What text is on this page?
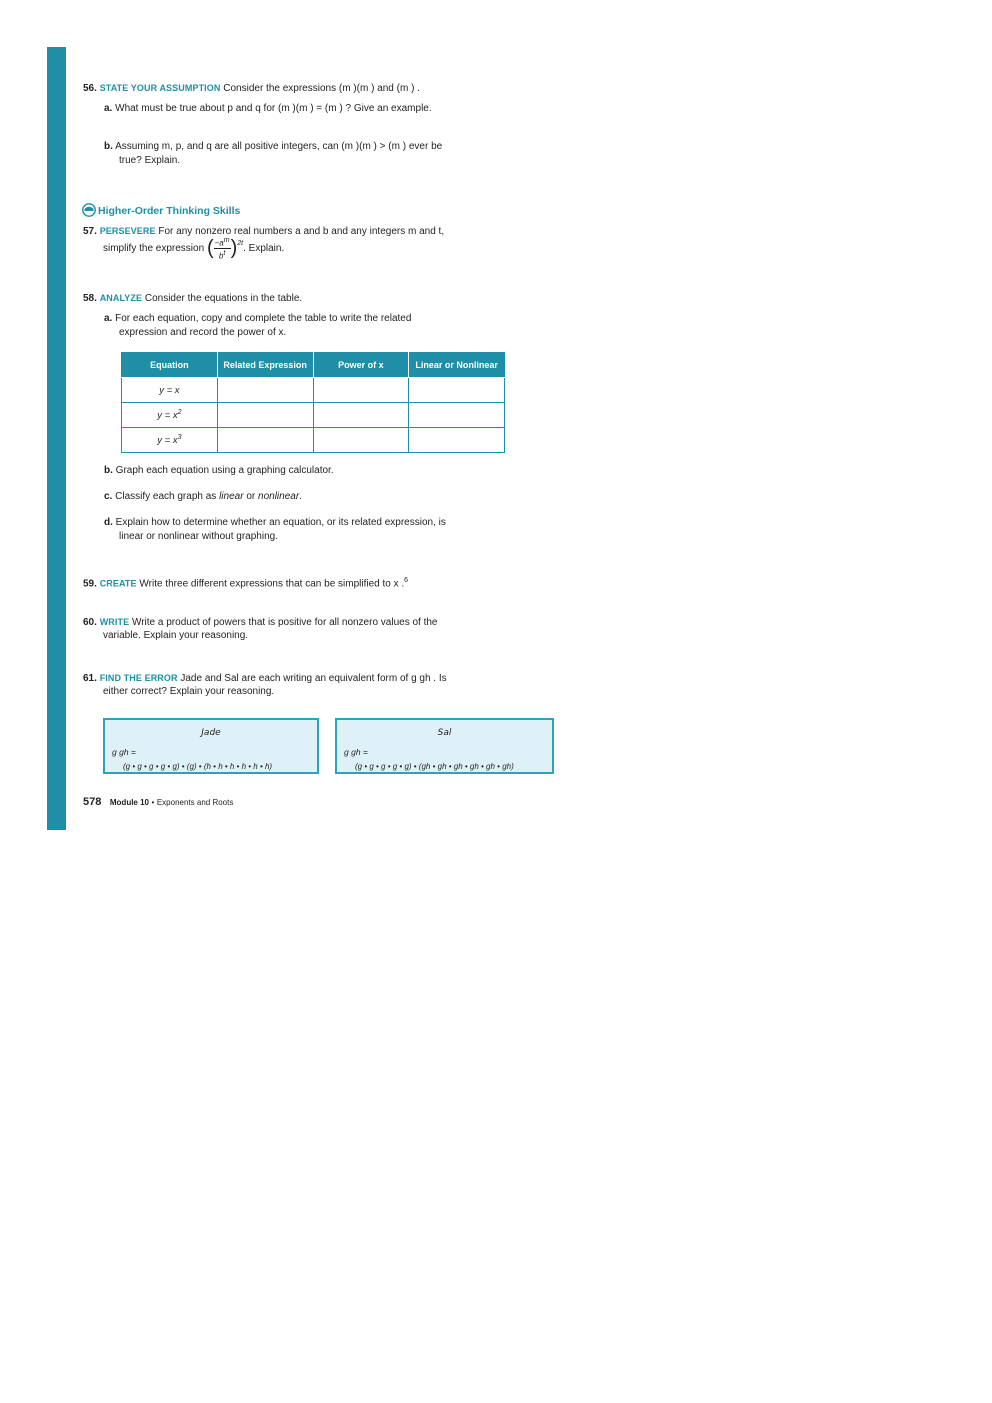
56. STATE YOUR ASSUMPTION Consider the expressions (m )(m ) and (m ) .
a. What must be true about p and q for (m )(m ) = (m ) ? Give an example.
b. Assuming m, p, and q are all positive integers, can (m )(m ) > (m ) ever be
true? Explain.
Higher-Order Thinking Skills
57. PERSEVERE For any nonzero real numbers a and b and any integers m and t,
simplify the expression ( $\frac{-a^m}{b^t} )^{2t}$. Explain.
58. ANALYZE Consider the equations in the table.
a. For each equation, copy and complete the table to write the related
expression and record the power of x.
Equation	Related Expression	Power of x	Linear or Nonlinear
y = x			
$y = x^2$			
$y = x^3$			
b. Graph each equation using a graphing calculator.
c. Classify each graph as linear or nonlinear.
d. Explain how to determine whether an equation, or its related expression, is
linear or nonlinear without graphing.
59. CREATE Write three different expressions that can be simplified to x .$^6$
60. WRITE Write a product of powers that is positive for all nonzero values of the
variable. Explain your reasoning.
61. FIND THE ERROR Jade and Sal are each writing an equivalent form of g gh . Is
either correct? Explain your reasoning.
Jade
g gh =
(g • g • g • g • g) • (g) • (h • h • h • h • h • h)
Sal
g gh =
(g • g • g • g • g) • (gh • gh • gh • gh • gh • gh)
578 Module 10 • Exponents and Roots
